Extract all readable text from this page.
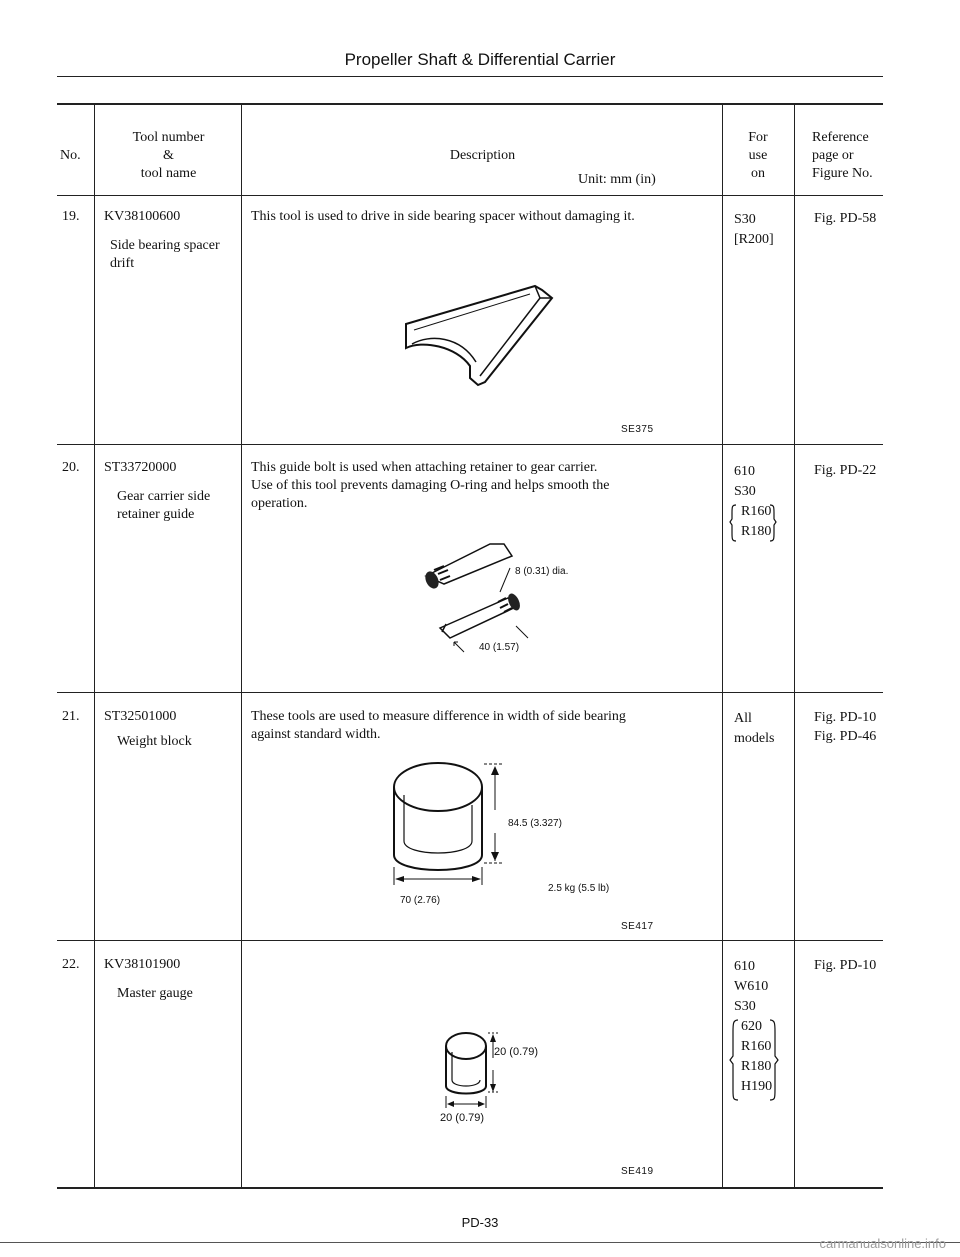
Propeller Shaft & Differential Carrier
No.
Tool number
&
tool name
Description
Unit: mm (in)
For
use
on
Reference
page or
Figure No.
19. KV38100600
Side bearing spacer
drift
This tool is used to drive in side bearing spacer without damaging it.
SE375
S30
[R200]
Fig. PD-58
20. ST33720000
Gear carrier side
retainer guide
This guide bolt is used when attaching retainer to gear carrier.
Use of this tool prevents damaging O-ring and helps smooth the
operation.
8 (0.31) dia.
40 (1.57)
610
S30
R160
R180
Fig. PD-22
21. ST32501000
Weight block
These tools are used to measure difference in width of side bearing
against standard width.
84.5 (3.327)
2.5 kg (5.5 lb)
70 (2.76)
SE417
All
models
Fig. PD-10
Fig. PD-46
22. KV38101900
Master gauge
20 (0.79)
20 (0.79)
SE419
610
W610
S30
620
R160
R180
H190
Fig. PD-10
PD-33
carmanualsonline.info
